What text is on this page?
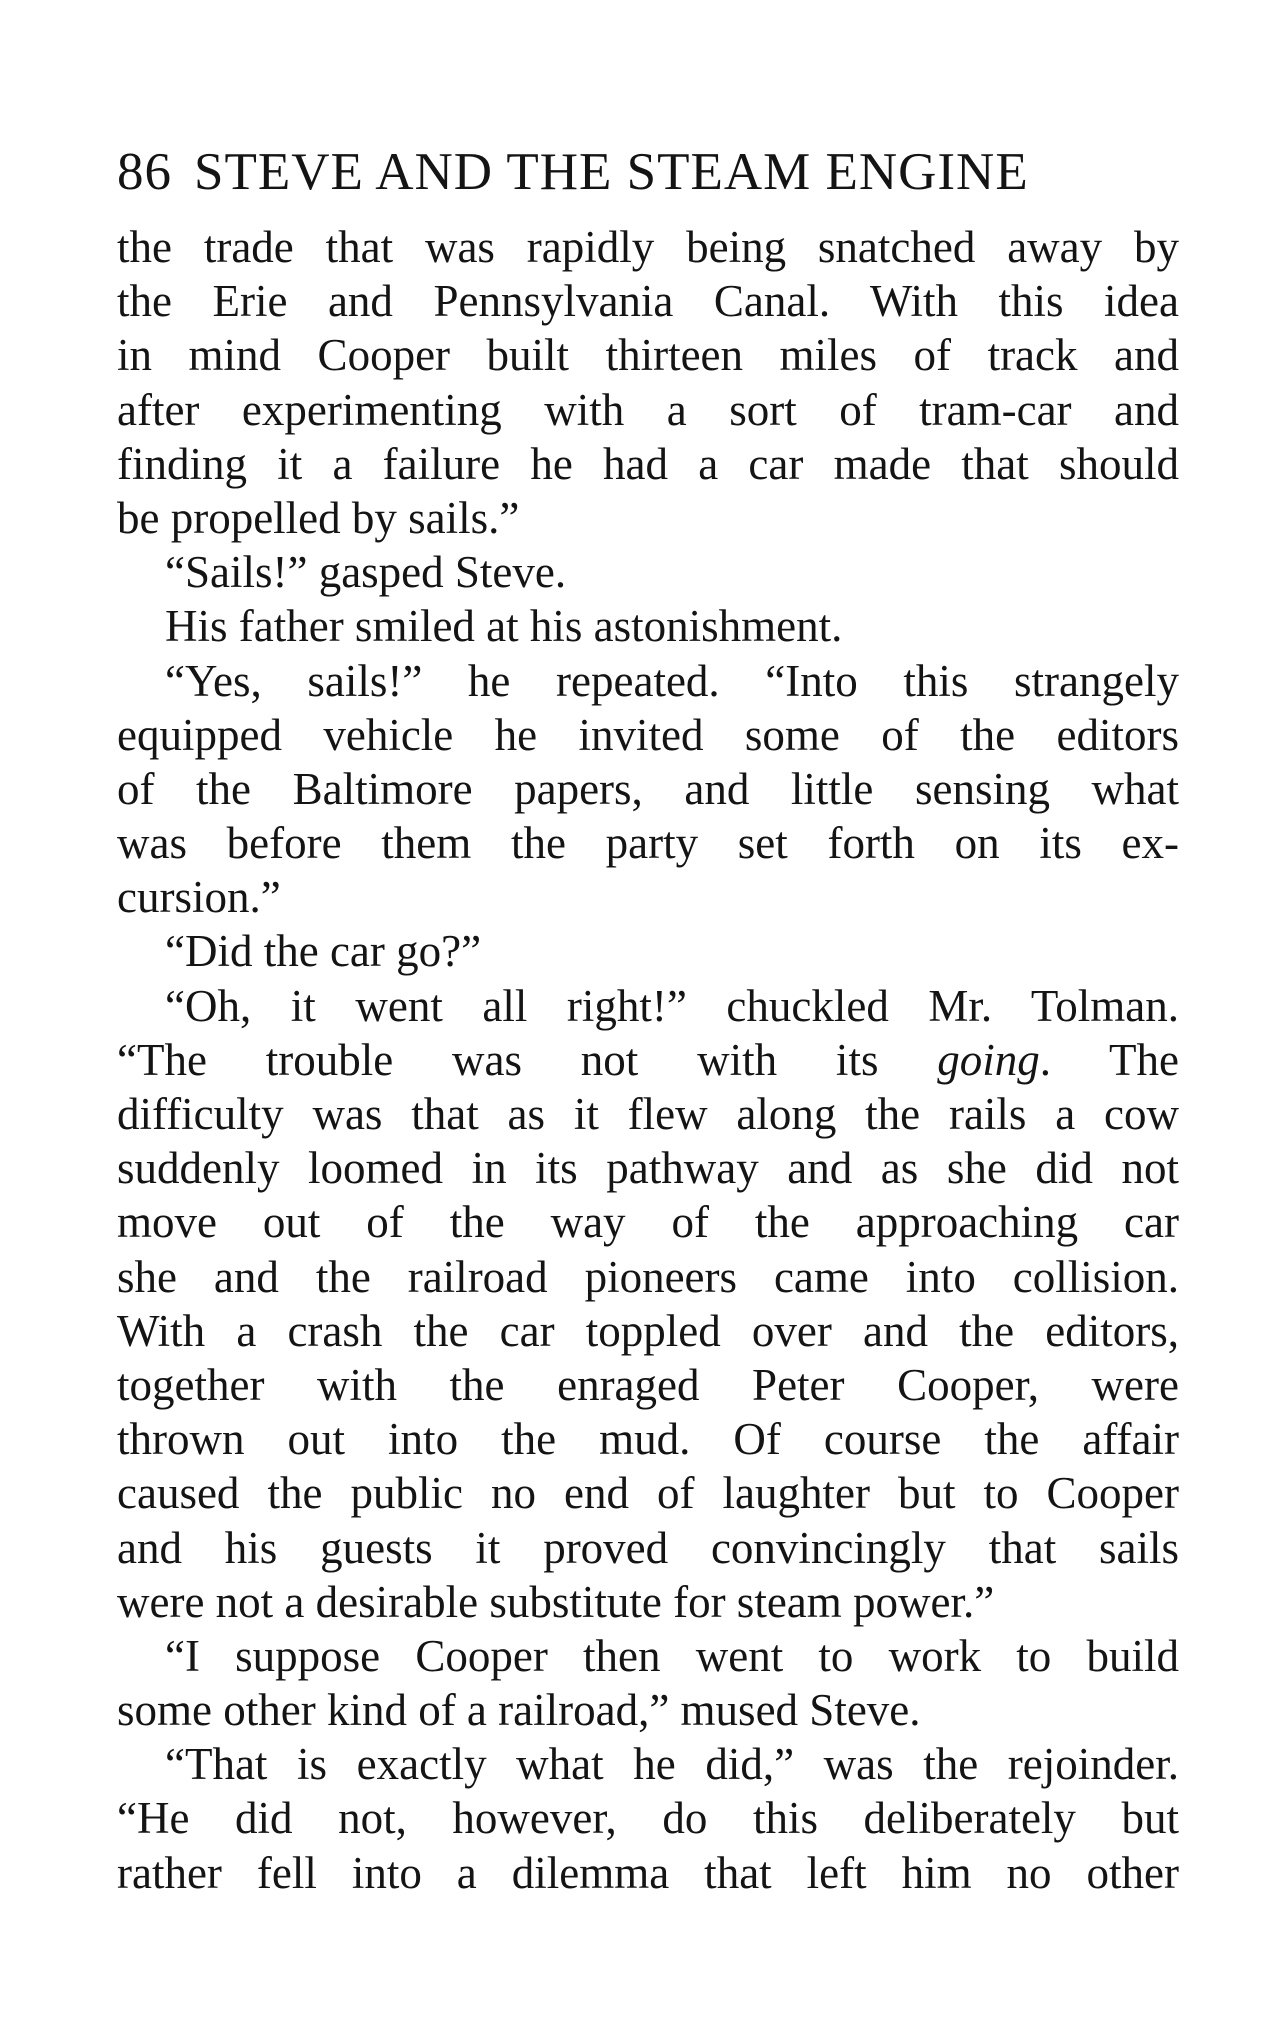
86 STEVE AND THE STEAM ENGINE
the trade that was rapidly being snatched away by
the Erie and Pennsylvania Canal. With this idea
in mind Cooper built thirteen miles of track and
after experimenting with a sort of tram-car and
finding it a failure he had a car made that should
be propelled by sails.”
“Sails!” gasped Steve.
His father smiled at his astonishment.
“Yes, sails!” he repeated. “Into this strangely
equipped vehicle he invited some of the editors
of the Baltimore papers, and little sensing what
was before them the party set forth on its ex-
cursion.”
“Did the car go?”
“Oh, it went all right!” chuckled Mr. Tolman.
“The trouble was not with its going. The
difficulty was that as it flew along the rails a cow
suddenly loomed in its pathway and as she did not
move out of the way of the approaching car
she and the railroad pioneers came into collision.
With a crash the car toppled over and the editors,
together with the enraged Peter Cooper, were
thrown out into the mud. Of course the affair
caused the public no end of laughter but to Cooper
and his guests it proved convincingly that sails
were not a desirable substitute for steam power.”
“I suppose Cooper then went to work to build
some other kind of a railroad,” mused Steve.
“That is exactly what he did,” was the rejoinder.
“He did not, however, do this deliberately but
rather fell into a dilemma that left him no other
